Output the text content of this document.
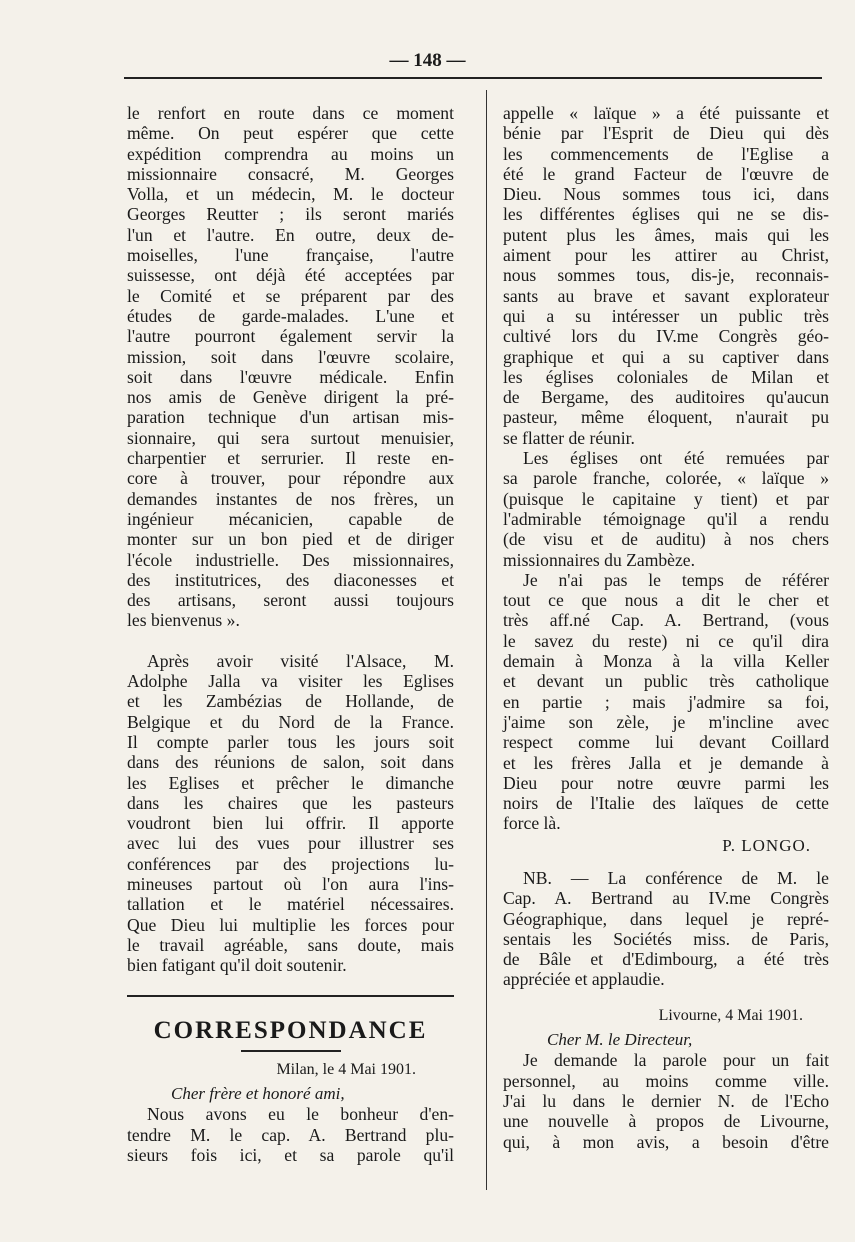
— 148 —

le renfort en route dans ce moment

même. On peut espérer que cette

expédition comprendra au moins un

missionnaire consacré, M. Georges

Volla, et un médecin, M. le docteur

Georges Reutter ; ils seront mariés

l'un et l'autre. En outre, deux de-

moiselles, l'une française, l'autre

suissesse, ont déjà été acceptées par

le Comité et se préparent par des

études de garde-malades. L'une et

l'autre pourront également servir la

mission, soit dans l'œuvre scolaire,

soit dans l'œuvre médicale. Enfin

nos amis de Genève dirigent la pré-

paration technique d'un artisan mis-

sionnaire, qui sera surtout menuisier,

charpentier et serrurier. Il reste en-

core à trouver, pour répondre aux

demandes instantes de nos frères, un

ingénieur mécanicien, capable de

monter sur un bon pied et de diriger

l'école industrielle. Des missionnaires,

des institutrices, des diaconesses et

des artisans, seront aussi toujours

les bienvenus ».

Après avoir visité l'Alsace, M.

Adolphe Jalla va visiter les Eglises

et les Zambézias de Hollande, de

Belgique et du Nord de la France.

Il compte parler tous les jours soit

dans des réunions de salon, soit dans

les Eglises et prêcher le dimanche

dans les chaires que les pasteurs

voudront bien lui offrir. Il apporte

avec lui des vues pour illustrer ses

conférences par des projections lu-

mineuses partout où l'on aura l'ins-

tallation et le matériel nécessaires.

Que Dieu lui multiplie les forces pour

le travail agréable, sans doute, mais

bien fatigant qu'il doit soutenir.

CORRESPONDANCE
Milan, le 4 Mai 1901.
Cher frère et honoré ami,

Nous avons eu le bonheur d'en-

tendre M. le cap. A. Bertrand plu-

sieurs fois ici, et sa parole qu'il

appelle « laïque » a été puissante et

bénie par l'Esprit de Dieu qui dès

les commencements de l'Eglise a

été le grand Facteur de l'œuvre de

Dieu. Nous sommes tous ici, dans

les différentes églises qui ne se dis-

putent plus les âmes, mais qui les

aiment pour les attirer au Christ,

nous sommes tous, dis-je, reconnais-

sants au brave et savant explorateur

qui a su intéresser un public très

cultivé lors du IV.me Congrès géo-

graphique et qui a su captiver dans

les églises coloniales de Milan et

de Bergame, des auditoires qu'aucun

pasteur, même éloquent, n'aurait pu

se flatter de réunir.

Les églises ont été remuées par

sa parole franche, colorée, « laïque »

(puisque le capitaine y tient) et par

l'admirable témoignage qu'il a rendu

(de visu et de auditu) à nos chers

missionnaires du Zambèze.

Je n'ai pas le temps de référer

tout ce que nous a dit le cher et

très aff.né Cap. A. Bertrand, (vous

le savez du reste) ni ce qu'il dira

demain à Monza à la villa Keller

et devant un public très catholique

en partie ; mais j'admire sa foi,

j'aime son zèle, je m'incline avec

respect comme lui devant Coillard

et les frères Jalla et je demande à

Dieu pour notre œuvre parmi les

noirs de l'Italie des laïques de cette

force là.

P. LONGO.

NB. — La conférence de M. le

Cap. A. Bertrand au IV.me Congrès

Géographique, dans lequel je repré-

sentais les Sociétés miss. de Paris,

de Bâle et d'Edimbourg, a été très

appréciée et applaudie.

Livourne, 4 Mai 1901.
Cher M. le Directeur,

Je demande la parole pour un fait

personnel, au moins comme ville.

J'ai lu dans le dernier N. de l'Echo

une nouvelle à propos de Livourne,

qui, à mon avis, a besoin d'être
